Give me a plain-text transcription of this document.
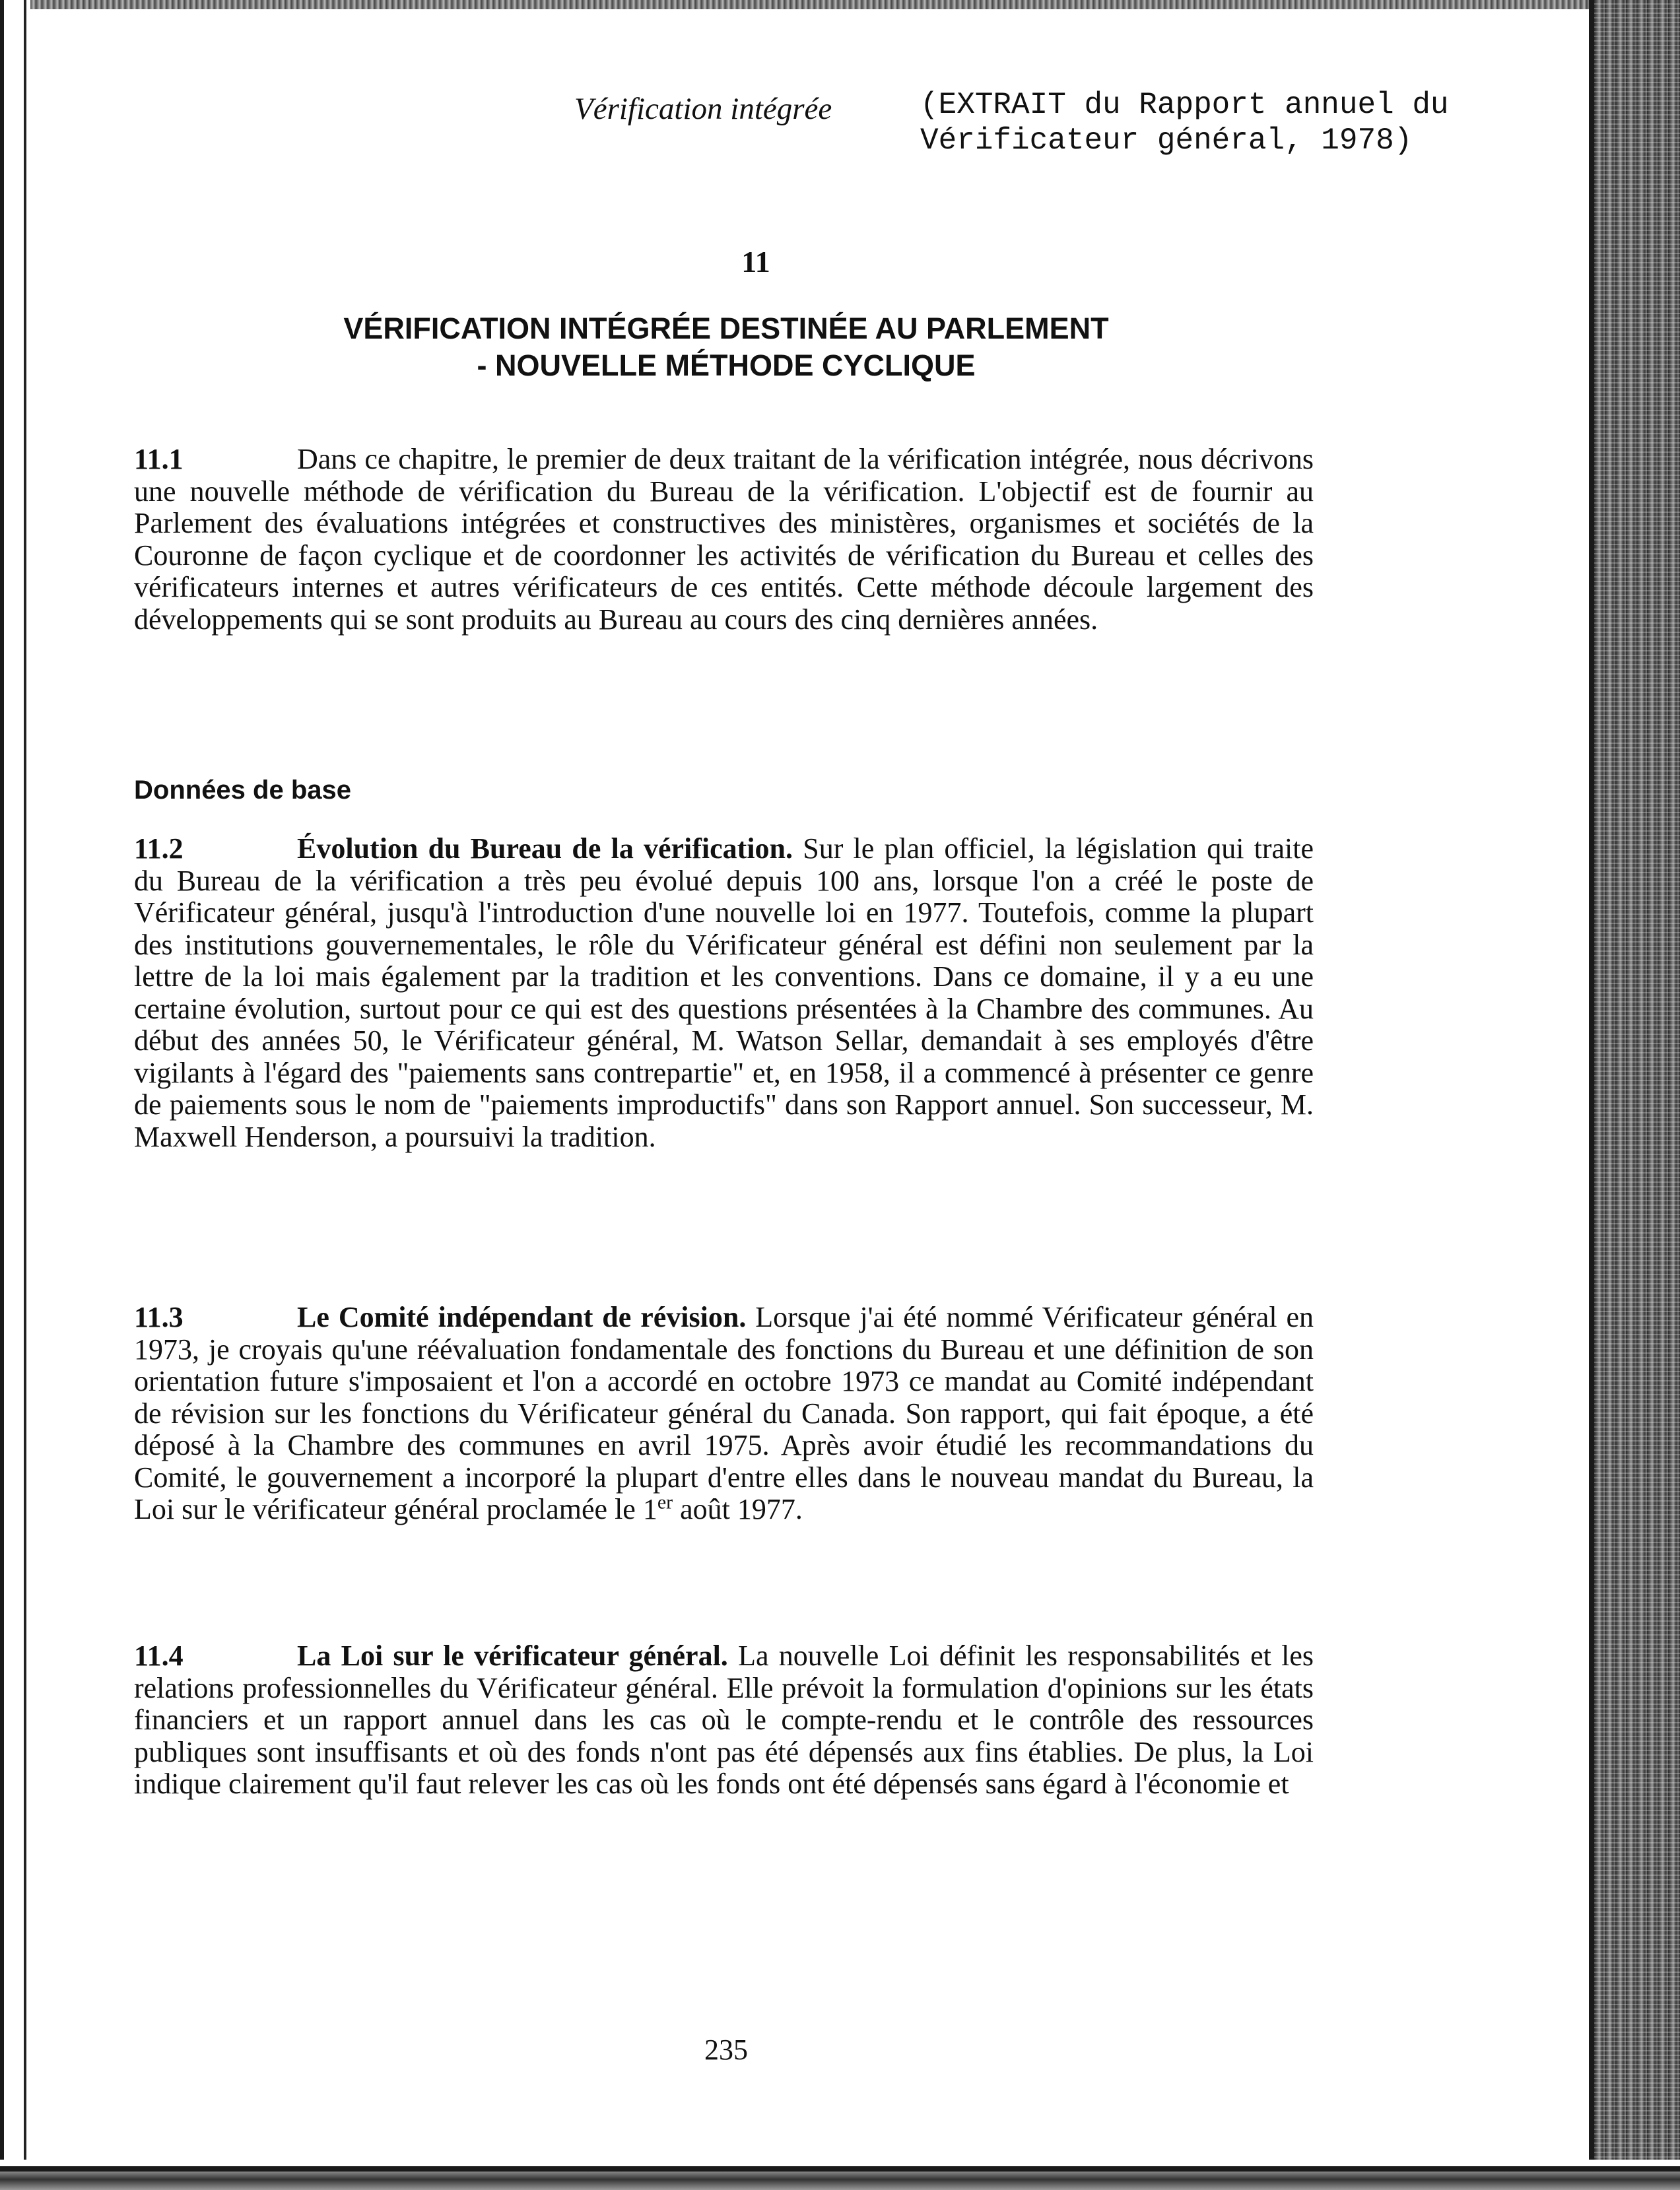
Vérification intégrée	(EXTRAIT du Rapport annuel du
Vérificateur général, 1978)
11
VÉRIFICATION INTÉGRÉE DESTINÉE AU PARLEMENT
- NOUVELLE MÉTHODE CYCLIQUE
11.1	Dans ce chapitre, le premier de deux traitant de la vérification intégrée, nous décrivons une nouvelle méthode de vérification du Bureau de la vérification. L'objectif est de fournir au Parlement des évaluations intégrées et constructives des ministères, organismes et sociétés de la Couronne de façon cyclique et de coordonner les activités de vérification du Bureau et celles des vérificateurs internes et autres vérificateurs de ces entités. Cette méthode découle largement des développements qui se sont produits au Bureau au cours des cinq dernières années.
Données de base
11.2	Évolution du Bureau de la vérification. Sur le plan officiel, la législation qui traite du Bureau de la vérification a très peu évolué depuis 100 ans, lorsque l'on a créé le poste de Vérificateur général, jusqu'à l'introduction d'une nouvelle loi en 1977. Toutefois, comme la plupart des institutions gouvernementales, le rôle du Vérificateur général est défini non seulement par la lettre de la loi mais également par la tradition et les conventions. Dans ce domaine, il y a eu une certaine évolution, surtout pour ce qui est des questions présentées à la Chambre des communes. Au début des années 50, le Vérificateur général, M. Watson Sellar, demandait à ses employés d'être vigilants à l'égard des "paiements sans contrepartie" et, en 1958, il a commencé à présenter ce genre de paiements sous le nom de "paiements improductifs" dans son Rapport annuel. Son successeur, M. Maxwell Henderson, a poursuivi la tradition.
11.3	Le Comité indépendant de révision. Lorsque j'ai été nommé Vérificateur général en 1973, je croyais qu'une réévaluation fondamentale des fonctions du Bureau et une définition de son orientation future s'imposaient et l'on a accordé en octobre 1973 ce mandat au Comité indépendant de révision sur les fonctions du Vérificateur général du Canada. Son rapport, qui fait époque, a été déposé à la Chambre des communes en avril 1975. Après avoir étudié les recommandations du Comité, le gouvernement a incorporé la plupart d'entre elles dans le nouveau mandat du Bureau, la Loi sur le vérificateur général proclamée le 1er août 1977.
11.4	La Loi sur le vérificateur général. La nouvelle Loi définit les responsabilités et les relations professionnelles du Vérificateur général. Elle prévoit la formulation d'opinions sur les états financiers et un rapport annuel dans les cas où le compte-rendu et le contrôle des ressources publiques sont insuffisants et où des fonds n'ont pas été dépensés aux fins établies. De plus, la Loi indique clairement qu'il faut relever les cas où les fonds ont été dépensés sans égard à l'économie et
235
